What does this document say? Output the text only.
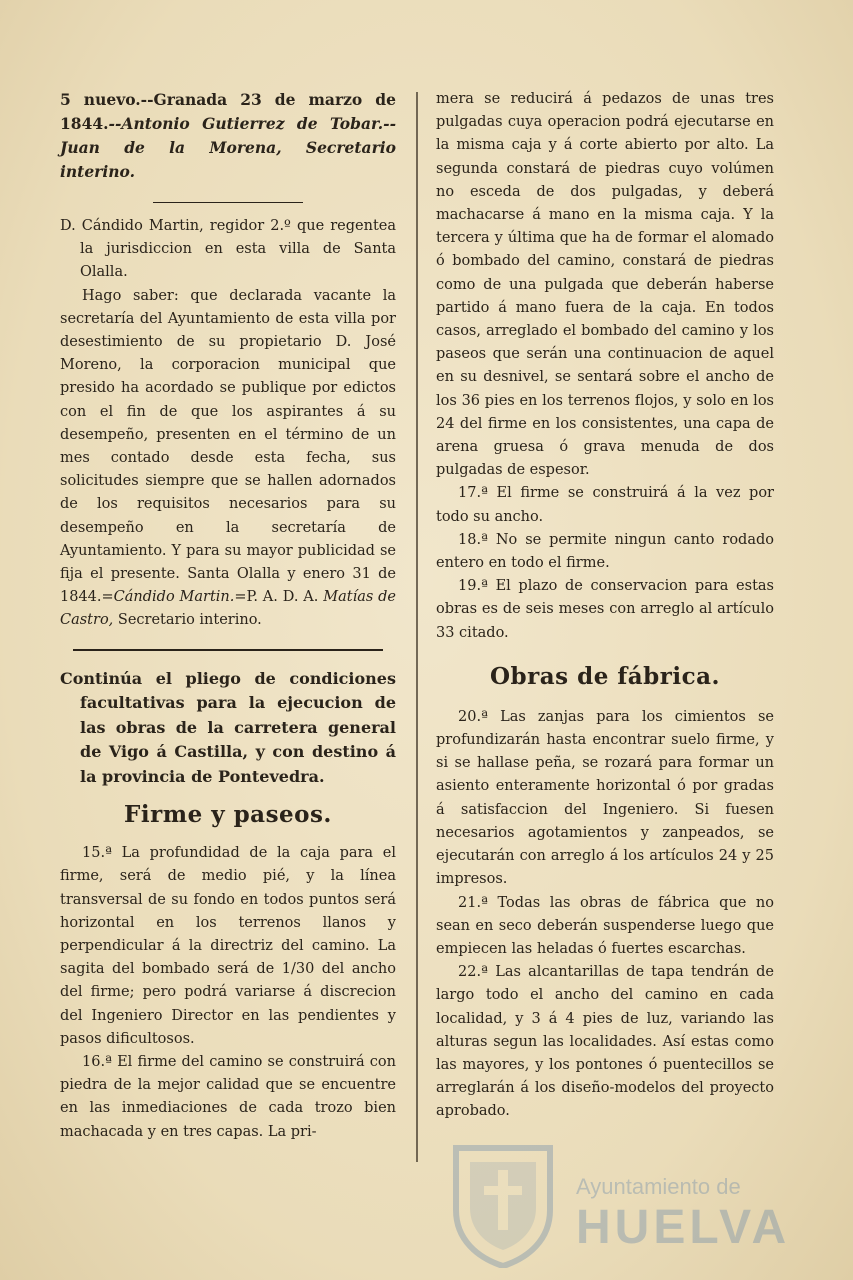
5 nuevo.--Granada 23 de marzo de 1844.--Antonio Gutierrez de Tobar.--Juan de la Morena, Secretario interino.

D. Cándido Martin, regidor 2.º que regentea la jurisdiccion en esta villa de Santa Olalla.

Hago saber: que declarada vacante la secretaría del Ayuntamiento de esta villa por desestimiento de su propietario D. José Moreno, la corporacion municipal que presido ha acordado se publique por edictos con el fin de que los aspirantes á su desempeño, presenten en el término de un mes contado desde esta fecha, sus solicitudes siempre que se hallen adornados de los requisitos necesarios para su desempeño en la secretaría de Ayuntamiento. Y para su mayor publicidad se fija el presente. Santa Olalla y enero 31 de 1844.=Cándido Martin.=P. A. D. A. Matías de Castro, Secretario interino.

Continúa el pliego de condiciones facultativas para la ejecucion de las obras de la carretera general de Vigo á Castilla, y con destino á la provincia de Pontevedra.

Firme y paseos.

15.ª La profundidad de la caja para el firme, será de medio pié, y la línea transversal de su fondo en todos puntos será horizontal en los terrenos llanos y perpendicular á la directriz del camino. La sagita del bombado será de 1/30 del ancho del firme; pero podrá variarse á discrecion del Ingeniero Director en las pendientes y pasos dificultosos.

16.ª El firme del camino se construirá con piedra de la mejor calidad que se encuentre en las inmediaciones de cada trozo bien machacada y en tres capas. La pri-

mera se reducirá á pedazos de unas tres pulgadas cuya operacion podrá ejecutarse en la misma caja y á corte abierto por alto. La segunda constará de piedras cuyo volúmen no esceda de dos pulgadas, y deberá machacarse á mano en la misma caja. Y la tercera y última que ha de formar el alomado ó bombado del camino, constará de piedras como de una pulgada que deberán haberse partido á mano fuera de la caja. En todos casos, arreglado el bombado del camino y los paseos que serán una continuacion de aquel en su desnivel, se sentará sobre el ancho de los 36 pies en los terrenos flojos, y solo en los 24 del firme en los consistentes, una capa de arena gruesa ó grava menuda de dos pulgadas de espesor.

17.ª El firme se construirá á la vez por todo su ancho.

18.ª No se permite ningun canto rodado entero en todo el firme.

19.ª El plazo de conservacion para estas obras es de seis meses con arreglo al artículo 33 citado.

Obras de fábrica.

20.ª Las zanjas para los cimientos se profundizarán hasta encontrar suelo firme, y si se hallase peña, se rozará para formar un asiento enteramente horizontal ó por gradas á satisfaccion del Ingeniero. Si fuesen necesarios agotamientos y zanpeados, se ejecutarán con arreglo á los artículos 24 y 25 impresos.

21.ª Todas las obras de fábrica que no sean en seco deberán suspenderse luego que empiecen las heladas ó fuertes escarchas.

22.ª Las alcantarillas de tapa tendrán de largo todo el ancho del camino en cada localidad, y 3 á 4 pies de luz, variando las alturas segun las localidades. Así estas como las mayores, y los pontones ó puentecillos se arreglarán á los diseño-modelos del proyecto aprobado.

Ayuntamiento de
HUELVA
